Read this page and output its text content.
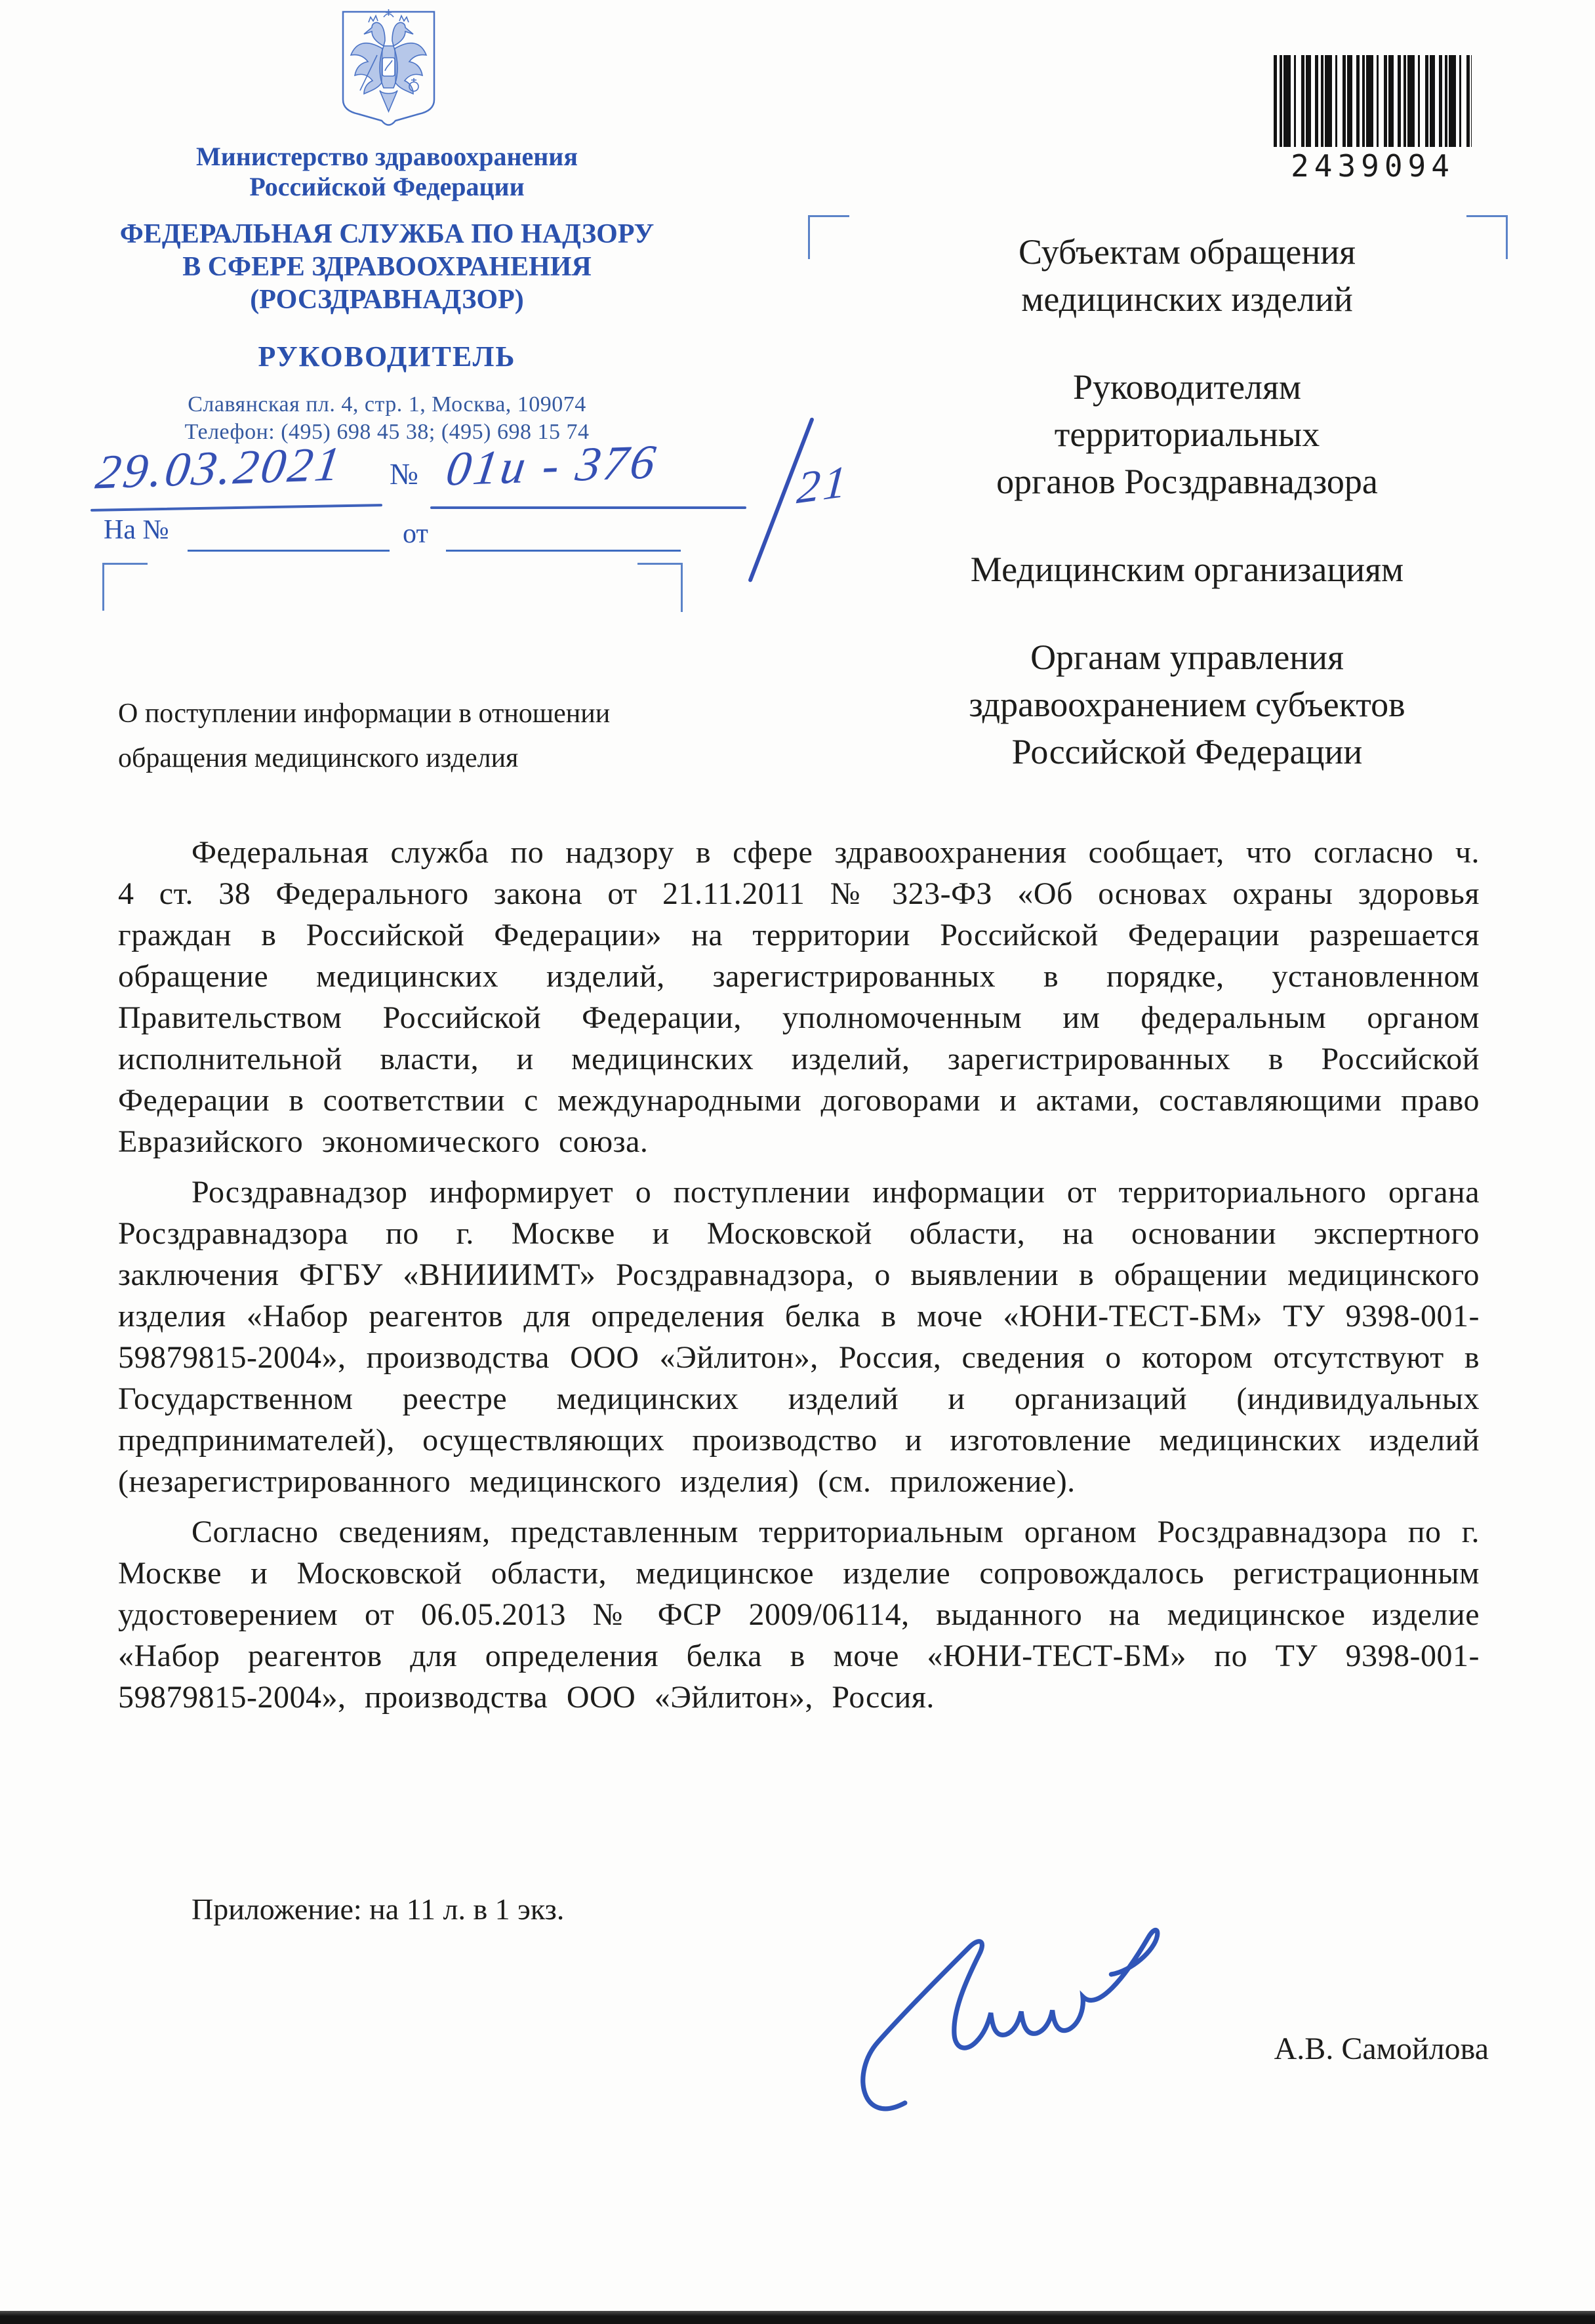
Министерство здравоохранения
Российской Федерации
ФЕДЕРАЛЬНАЯ СЛУЖБА ПО НАДЗОРУ
В СФЕРЕ ЗДРАВООХРАНЕНИЯ
(РОСЗДРАВНАДЗОР)
РУКОВОДИТЕЛЬ
Славянская пл. 4, стр. 1, Москва, 109074
Телефон: (495) 698 45 38; (495) 698 15 74
29.03.2021 № 01и - 376	21
На №	от
2439094
Субъектам обращения
медицинских изделий
Руководителям
территориальных
органов Росздравнадзора
Медицинским организациям
Органам управления
здравоохранением субъектов
Российской Федерации
О поступлении информации в отношении обращения медицинского изделия

Федеральная служба по надзору в сфере здравоохранения сообщает, что согласно ч. 4 ст. 38 Федерального закона от 21.11.2011 № 323-ФЗ «Об основах охраны здоровья граждан в Российской Федерации» на территории Российской Федерации разрешается обращение медицинских изделий, зарегистрированных в порядке, установленном Правительством Российской Федерации, уполномоченным им федеральным органом исполнительной власти, и медицинских изделий, зарегистрированных в Российской Федерации в соответствии с международными договорами и актами, составляющими право Евразийского экономического союза.

Росздравнадзор информирует о поступлении информации от территориального органа Росздравнадзора по г. Москве и Московской области, на основании экспертного заключения ФГБУ «ВНИИИМТ» Росздравнадзора, о выявлении в обращении медицинского изделия «Набор реагентов для определения белка в моче «ЮНИ-ТЕСТ-БМ» ТУ 9398-001-59879815-2004», производства ООО «Эйлитон», Россия, сведения о котором отсутствуют в Государственном реестре медицинских изделий и организаций (индивидуальных предпринимателей), осуществляющих производство и изготовление медицинских изделий (незарегистрированного медицинского изделия) (см. приложение).

Согласно сведениям, представленным территориальным органом Росздравнадзора по г. Москве и Московской области, медицинское изделие сопровождалось регистрационным удостоверением от 06.05.2013 № ФСР 2009/06114, выданного на медицинское изделие «Набор реагентов для определения белка в моче «ЮНИ-ТЕСТ-БМ» по ТУ 9398-001-59879815-2004», производства ООО «Эйлитон», Россия.

Приложение: на 11 л. в 1 экз.
А.В. Самойлова
